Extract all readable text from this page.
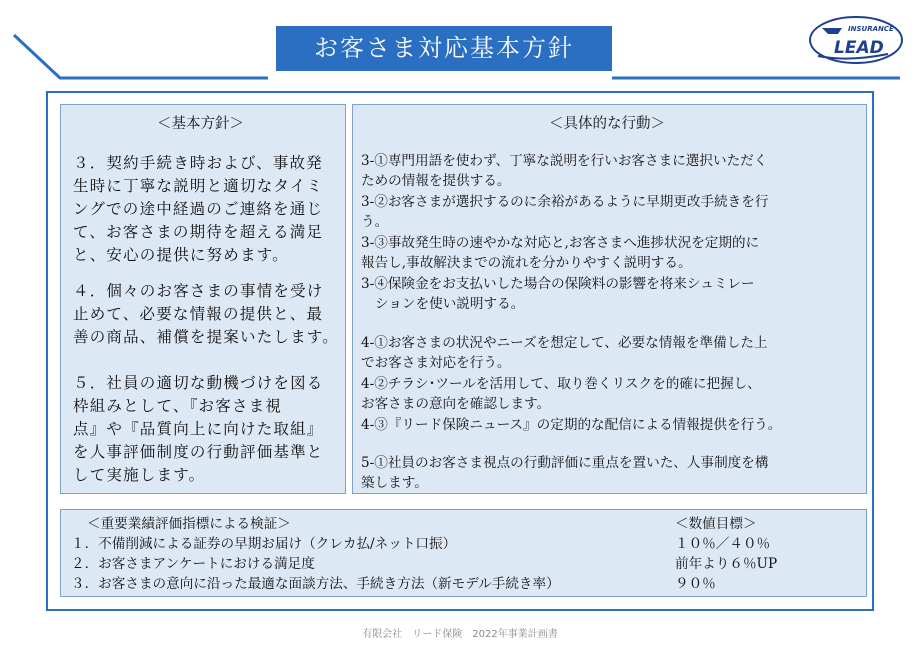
お客さま対応基本方針
INSURANCE
LEAD
＜基本方針＞
３．契約手続き時および、事故発
生時に丁寧な説明と適切なタイミ
ングでの途中経過のご連絡を通じ
て、お客さまの期待を超える満足
と、安心の提供に努めます。
４．個々のお客さまの事情を受け
止めて、必要な情報の提供と、最
善の商品、補償を提案いたします。
５．社員の適切な動機づけを図る
枠組みとして、『お客さま視
点』や『品質向上に向けた取組』
を人事評価制度の行動評価基準と
して実施します。
＜具体的な行動＞
3-①専門用語を使わず、丁寧な説明を行いお客さまに選択いただく
ための情報を提供する。
3-②お客さまが選択するのに余裕があるように早期更改手続きを行
う。
3-③事故発生時の速やかな対応と,お客さまへ進捗状況を定期的に
報告し,事故解決までの流れを分かりやすく説明する。
3-④保険金をお支払いした場合の保険料の影響を将来シュミレー
ションを使い説明する。
4-①お客さまの状況やニーズを想定して、必要な情報を準備した上
でお客さま対応を行う。
4-②チラシ･ツールを活用して、取り巻くリスクを的確に把握し、
お客さまの意向を確認します。
4-③『リード保険ニュース』の定期的な配信による情報提供を行う。
5-①社員のお客さま視点の行動評価に重点を置いた、人事制度を構
築します。
＜重要業績評価指標による検証＞	＜数値目標＞
１．不備削減による証券の早期お届け（クレカ払/ネット口振）	１０％／４０％
２．お客さまアンケートにおける満足度	前年より６％UP
３．お客さまの意向に沿った最適な面談方法、手続き方法（新モデル手続き率）	９０％
有限会社　リード保険　2022年事業計画書
